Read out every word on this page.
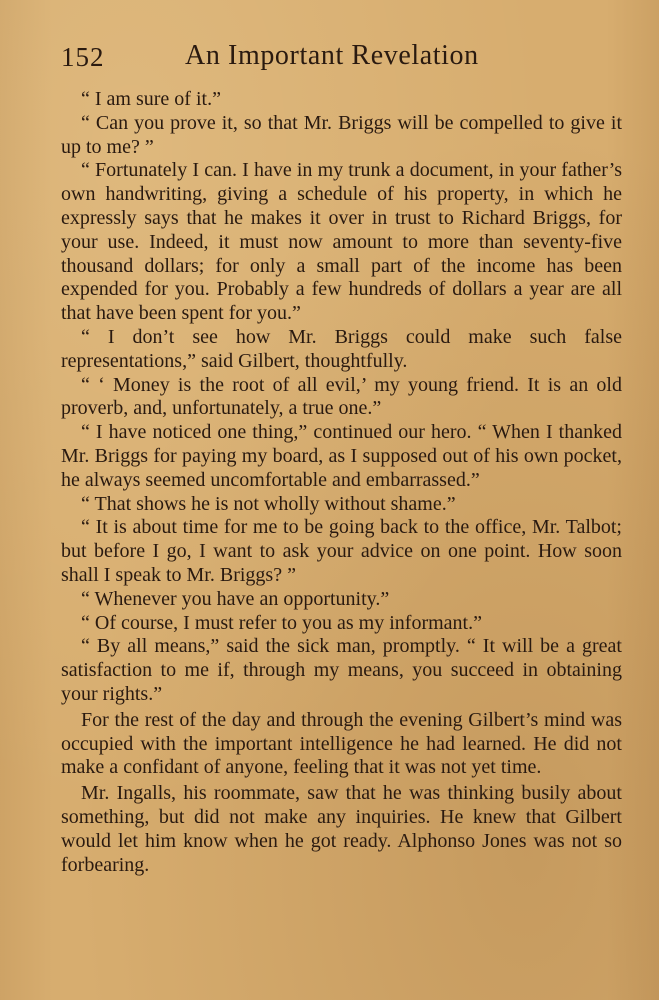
152	An Important Revelation

“ I am sure of it.”

“ Can you prove it, so that Mr. Briggs will be compelled to give it up to me? ”

“ Fortunately I can. I have in my trunk a document, in your father’s own handwriting, giving a schedule of his property, in which he expressly says that he makes it over in trust to Richard Briggs, for your use. Indeed, it must now amount to more than seventy-five thousand dollars; for only a small part of the income has been expended for you. Probably a few hundreds of dollars a year are all that have been spent for you.”

“ I don’t see how Mr. Briggs could make such false representations,” said Gilbert, thoughtfully.

“ ‘ Money is the root of all evil,’ my young friend. It is an old proverb, and, unfortunately, a true one.”

“ I have noticed one thing,” continued our hero. “ When I thanked Mr. Briggs for paying my board, as I supposed out of his own pocket, he always seemed uncomfortable and embarrassed.”

“ That shows he is not wholly without shame.”

“ It is about time for me to be going back to the office, Mr. Talbot; but before I go, I want to ask your advice on one point. How soon shall I speak to Mr. Briggs? ”

“ Whenever you have an opportunity.”

“ Of course, I must refer to you as my informant.”

“ By all means,” said the sick man, promptly. “ It will be a great satisfaction to me if, through my means, you succeed in obtaining your rights.”

For the rest of the day and through the evening Gilbert’s mind was occupied with the important intelligence he had learned. He did not make a confidant of anyone, feeling that it was not yet time.

Mr. Ingalls, his roommate, saw that he was thinking busily about something, but did not make any inquiries. He knew that Gilbert would let him know when he got ready. Alphonso Jones was not so forbearing.
